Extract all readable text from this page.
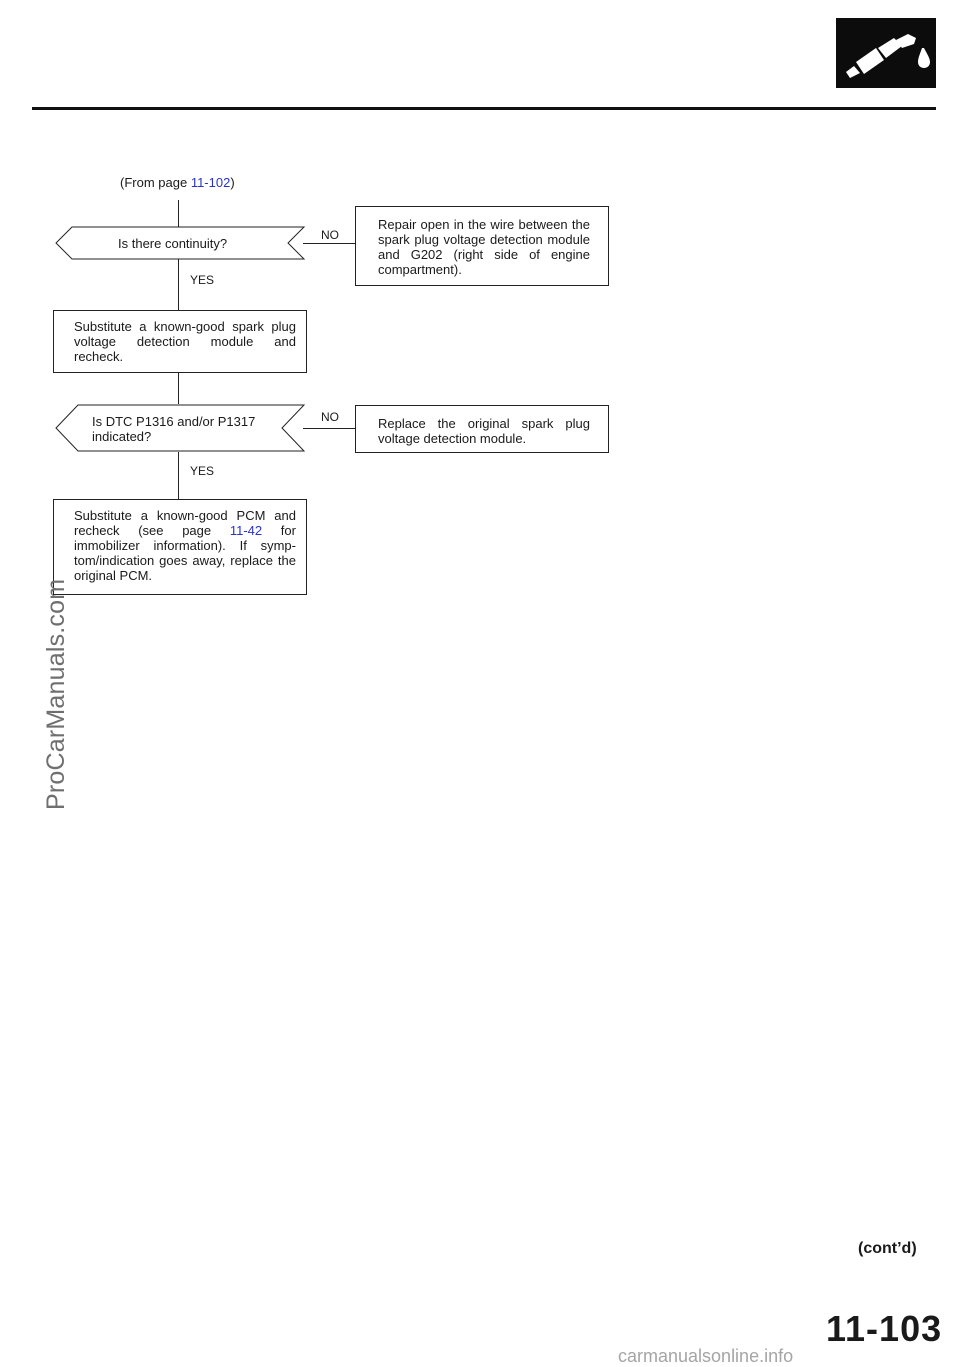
(From page 11-102)
Is there continuity?
NO
YES
Repair open in the wire between the spark plug voltage detection module and G202 (right side of engine compartment).
Substitute a known-good spark plug voltage detection module and recheck.
Is DTC P1316 and/or P1317 indicated?
NO
YES
Replace the original spark plug voltage detection module.
Substitute a known-good PCM and recheck (see page 11-42 for immobilizer information). If symp-tom/indication goes away, replace the original PCM.
ProCarManuals.com
(cont’d)
11-103
carmanualsonline.info
